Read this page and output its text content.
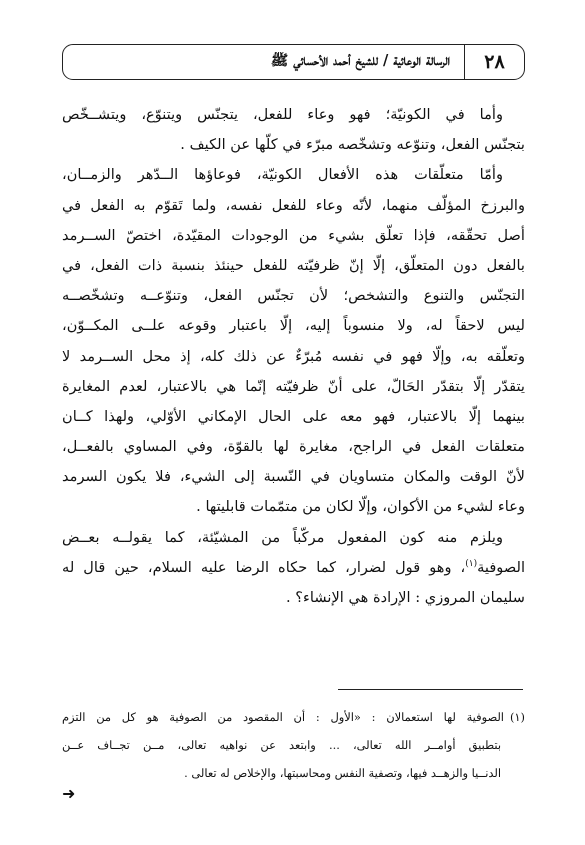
٢٨
الرسالة الوعائية / للشيخ أحمد الأحسائي ﷺ
وأما في الكونيّة؛ فهو وعاء للفعل، يتجنّس ويتنوّع، ويتشــخّص
بتجنّس الفعل، وتنوّعه وتشخّصه مبرّء في كلّها عن الكيف .
وأمّا متعلّقات هذه الأفعال الكونيّة، فوعاؤها الــدّهر والزمــان،
والبرزخ المؤلّف منهما، لأنّه وعاء للفعل نفسه، ولما تَقوّم به الفعل في
أصل تحقّقه، فإذا تعلّق بشيء من الوجودات المقيّدة، اختصّ الســرمد
بالفعل دون المتعلّق، إلّا إنّ ظرفيّته للفعل حينئذ بنسبة ذات الفعل، في
التجنّس والتنوع والتشخص؛ لأن تجنّس الفعل، وتنوّعــه وتشخّصــه
ليس لاحقاً له، ولا منسوباً إليه، إلّا باعتبار وقوعه علــى المكــوّن،
وتعلّقه به، وإلّا فهو في نفسه مُبرّءٌ عن ذلك كله، إذ محل الســرمد لا
يتقدّر إلّا بتقدّر الحَالّ، على أنّ ظرفيّته إنّما هي بالاعتبار، لعدم المغايرة
بينهما إلّا بالاعتبار، فهو معه على الحال الإمكاني الأوّلي، ولهذا كــان
متعلقات الفعل في الراجح، مغايرة لها بالقوّة، وفي المساوي بالفعــل،
لأنّ الوقت والمكان متساويان في النّسبة إلى الشيء، فلا يكون السرمد
وعاء لشيء من الأكوان، وإلّا لكان من متمّمات قابليتها .
ويلزم منه كون المفعول مركّباً من المشيّئة، كما يقولــه بعــض
الصوفية$^{(١)}$، وهو قول لضرار، كما حكاه الرضا عليه السلام، حين قال له
سليمان المروزي : الإرادة هي الإنشاء؟ .
(١)الصوفية لها استعمالان : «الأول : أن المقصود من الصوفية هو كل من التزم
بتطبيق أوامــر الله تعالى، ... وابتعد عن نواهيه تعالى، مــن تجــاف عــن
الدنــيا والزهــد فيها، وتصفية النفس ومحاسبتها، والإخلاص له تعالى .
➜
